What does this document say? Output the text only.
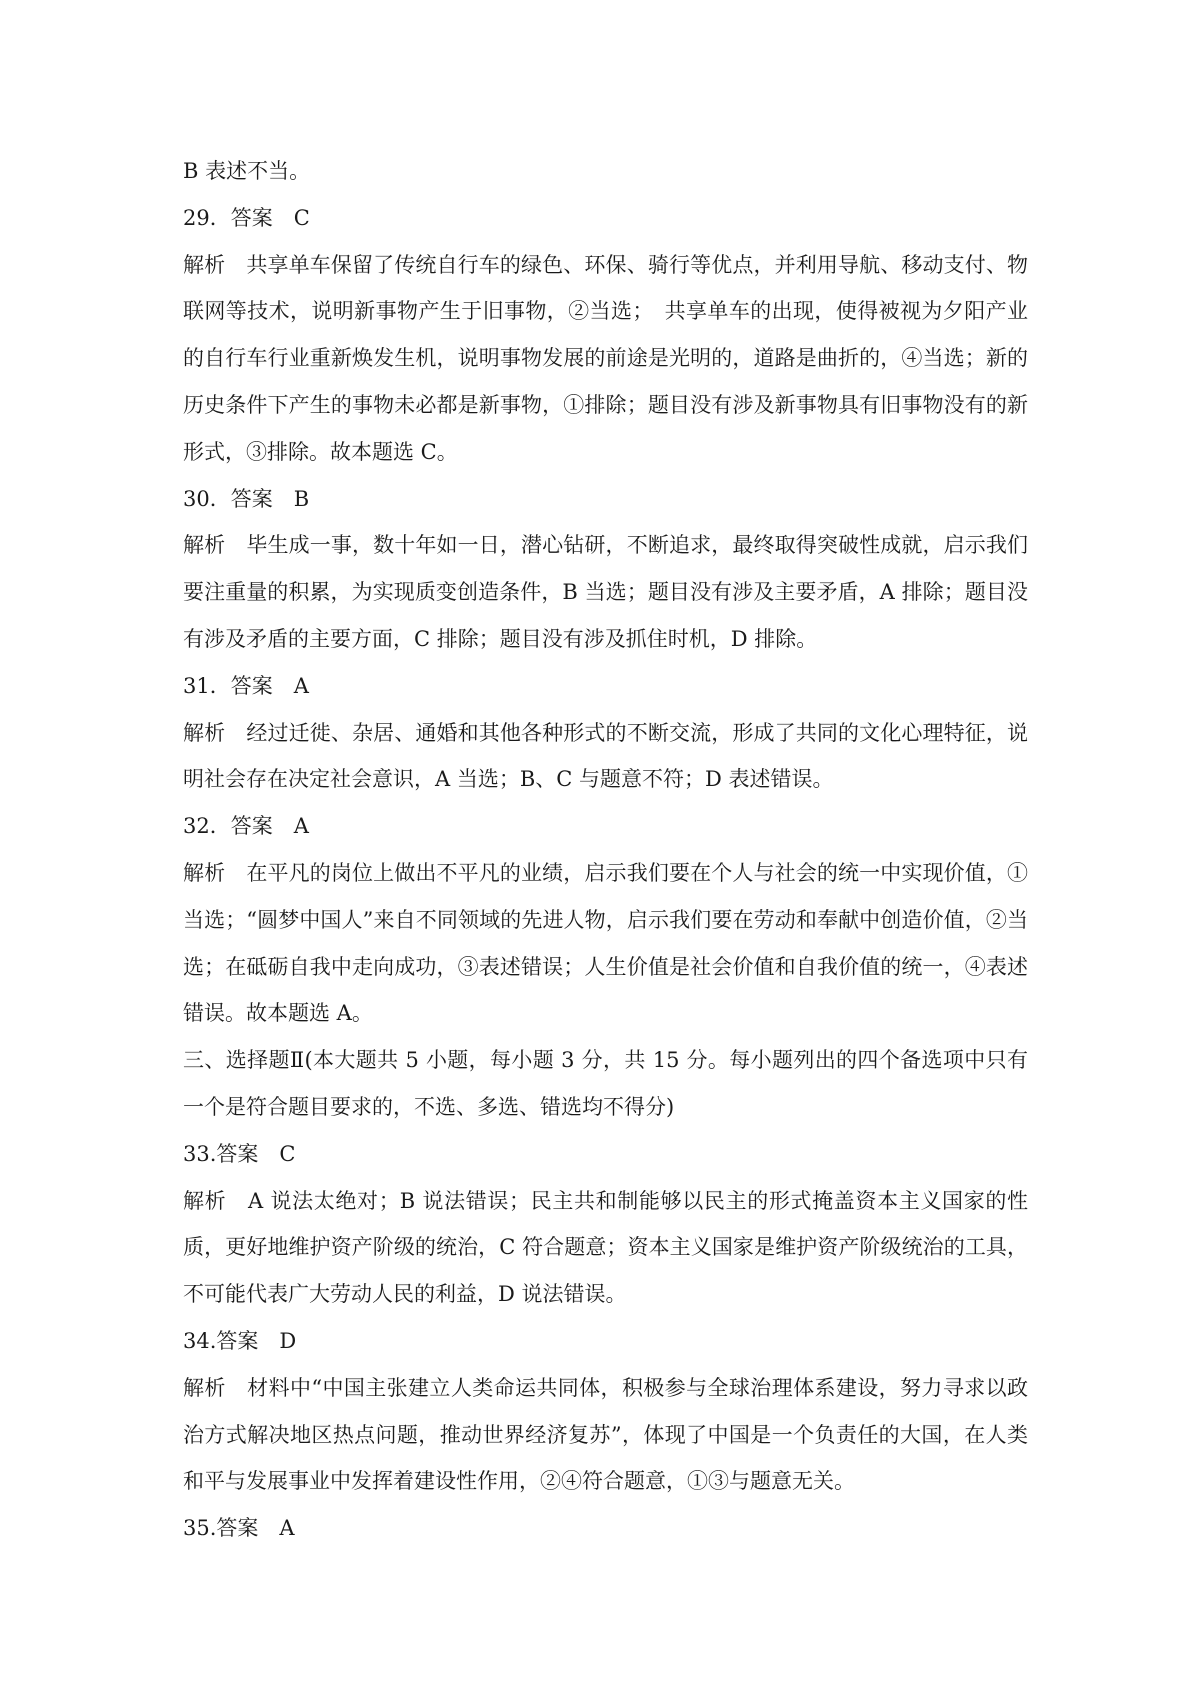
B 表述不当。

29．答案　C

解析　共享单车保留了传统自行车的绿色、环保、骑行等优点，并利用导航、移动支付、物联网等技术，说明新事物产生于旧事物，②当选；　共享单车的出现，使得被视为夕阳产业的自行车行业重新焕发生机，说明事物发展的前途是光明的，道路是曲折的，④当选；新的历史条件下产生的事物未必都是新事物，①排除；题目没有涉及新事物具有旧事物没有的新形式，③排除。故本题选 C。

30．答案　B

解析　毕生成一事，数十年如一日，潜心钻研，不断追求，最终取得突破性成就，启示我们要注重量的积累，为实现质变创造条件，B 当选；题目没有涉及主要矛盾，A 排除；题目没有涉及矛盾的主要方面，C 排除；题目没有涉及抓住时机，D 排除。

31．答案　A

解析　经过迁徙、杂居、通婚和其他各种形式的不断交流，形成了共同的文化心理特征，说明社会存在决定社会意识，A 当选；B、C 与题意不符；D 表述错误。

32．答案　A

解析　在平凡的岗位上做出不平凡的业绩，启示我们要在个人与社会的统一中实现价值，①当选；“圆梦中国人”来自不同领域的先进人物，启示我们要在劳动和奉献中创造价值，②当选；在砥砺自我中走向成功，③表述错误；人生价值是社会价值和自我价值的统一，④表述错误。故本题选 A。

三、选择题Ⅱ(本大题共 5 小题，每小题 3 分，共 15 分。每小题列出的四个备选项中只有一个是符合题目要求的，不选、多选、错选均不得分)

33.答案　C

解析　A 说法太绝对；B 说法错误；民主共和制能够以民主的形式掩盖资本主义国家的性质，更好地维护资产阶级的统治，C 符合题意；资本主义国家是维护资产阶级统治的工具，不可能代表广大劳动人民的利益，D 说法错误。

34.答案　D

解析　材料中“中国主张建立人类命运共同体，积极参与全球治理体系建设，努力寻求以政治方式解决地区热点问题，推动世界经济复苏”，体现了中国是一个负责任的大国，在人类和平与发展事业中发挥着建设性作用，②④符合题意，①③与题意无关。

35.答案　A
